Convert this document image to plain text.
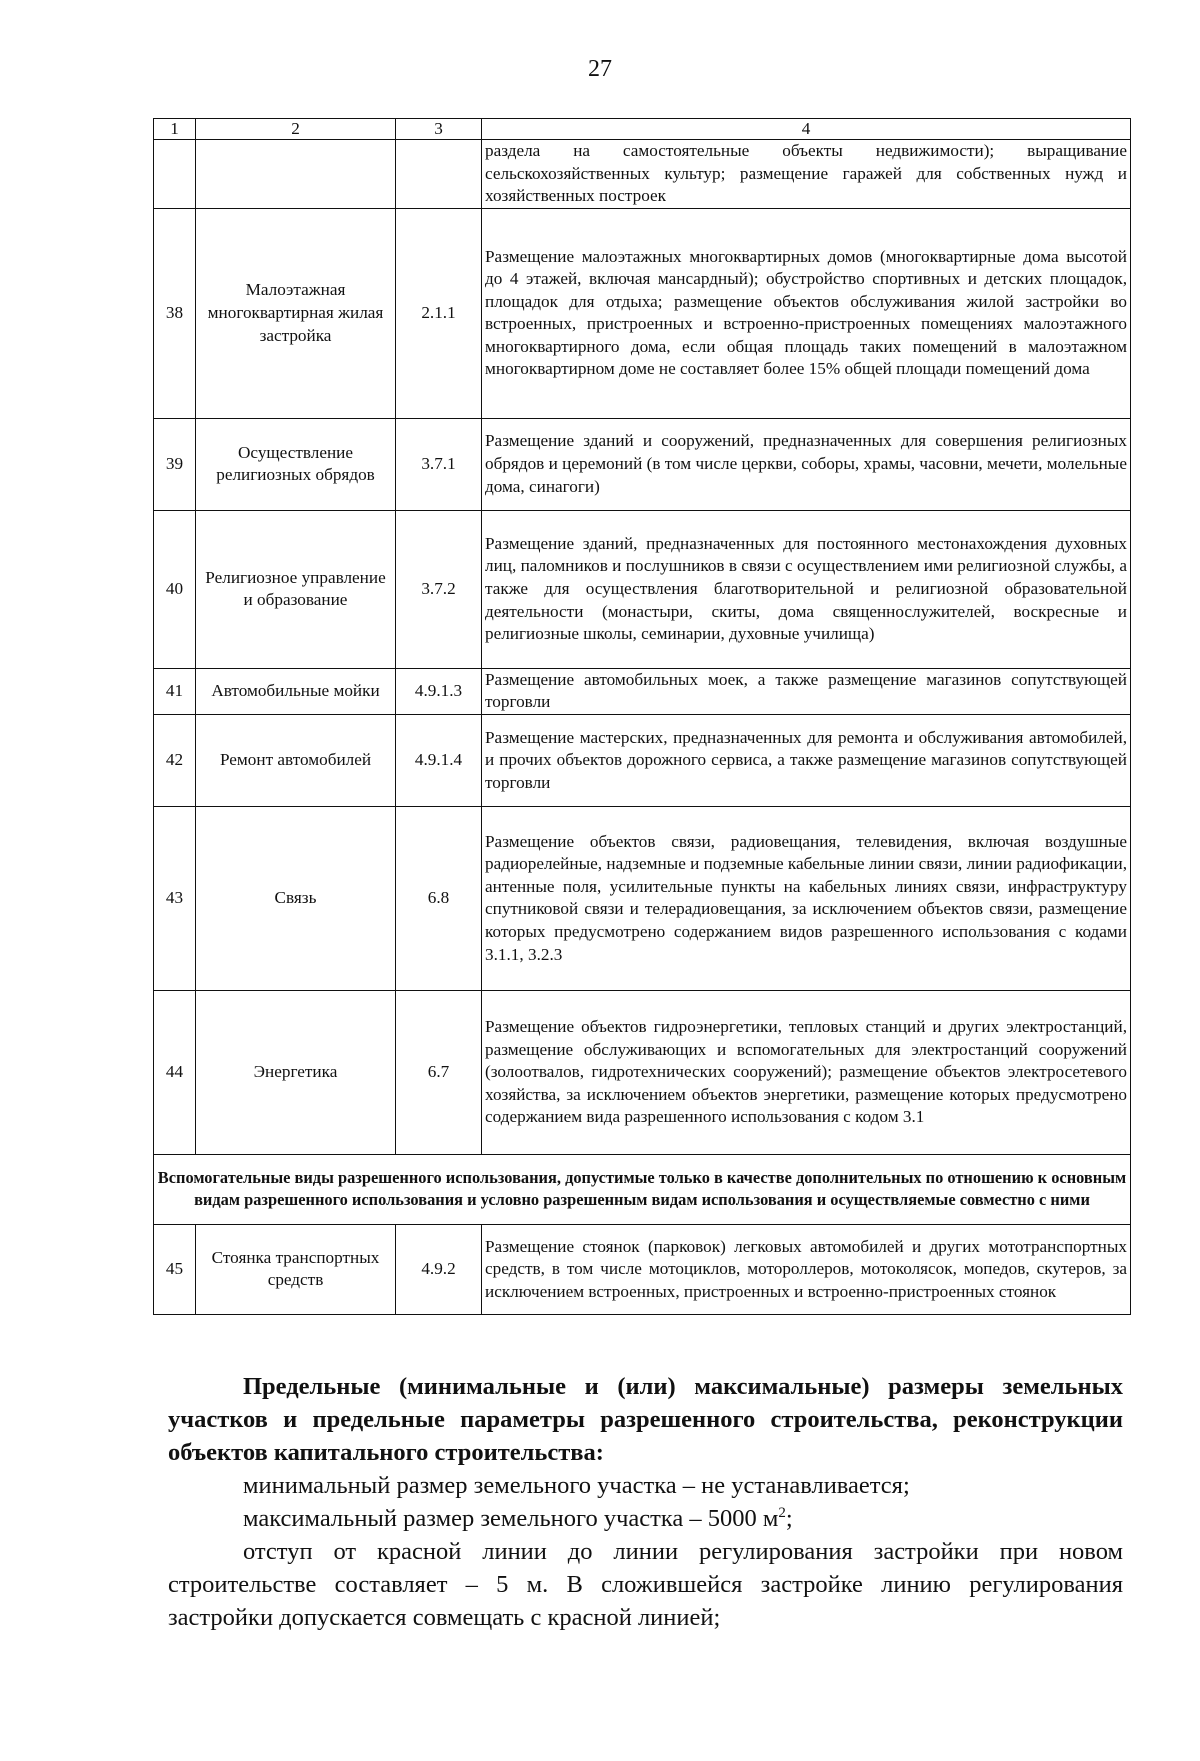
27
1	2	3	4
			раздела на самостоятельные объекты недвижимости); выращивание сельскохозяйственных культур; размещение гаражей для собственных нужд и хозяйственных построек
38	Малоэтажная многоквартирная жилая застройка	2.1.1	Размещение малоэтажных многоквартирных домов (многоквартирные дома высотой до 4 этажей, включая мансардный); обустройство спортивных и детских площадок, площадок для отдыха; размещение объектов обслуживания жилой застройки во встроенных, пристроенных и встроенно-пристроенных помещениях малоэтажного многоквартирного дома, если общая площадь таких помещений в малоэтажном многоквартирном доме не составляет более 15% общей площади помещений дома
39	Осуществление религиозных обрядов	3.7.1	Размещение зданий и сооружений, предназначенных для совершения религиозных обрядов и церемоний (в том числе церкви, соборы, храмы, часовни, мечети, молельные дома, синагоги)
40	Религиозное управление и образование	3.7.2	Размещение зданий, предназначенных для постоянного местонахождения духовных лиц, паломников и послушников в связи с осуществлением ими религиозной службы, а также для осуществления благотворительной и религиозной образовательной деятельности (монастыри, скиты, дома священнослужителей, воскресные и религиозные школы, семинарии, духовные училища)
41	Автомобильные мойки	4.9.1.3	Размещение автомобильных моек, а также размещение магазинов сопутствующей торговли
42	Ремонт автомобилей	4.9.1.4	Размещение мастерских, предназначенных для ремонта и обслуживания автомобилей, и прочих объектов дорожного сервиса, а также размещение магазинов сопутствующей торговли
43	Связь	6.8	Размещение объектов связи, радиовещания, телевидения, включая воздушные радиорелейные, надземные и подземные кабельные линии связи, линии радиофикации, антенные поля, усилительные пункты на кабельных линиях связи, инфраструктуру спутниковой связи и телерадиовещания, за исключением объектов связи, размещение которых предусмотрено содержанием видов разрешенного использования с кодами 3.1.1, 3.2.3
44	Энергетика	6.7	Размещение объектов гидроэнергетики, тепловых станций и других электростанций, размещение обслуживающих и вспомогательных для электростанций сооружений (золоотвалов, гидротехнических сооружений); размещение объектов электросетевого хозяйства, за исключением объектов энергетики, размещение которых предусмотрено содержанием вида разрешенного использования с кодом 3.1

Вспомогательные виды разрешенного использования, допустимые только в качестве дополнительных по отношению к основным видам разрешенного использования и условно разрешенным видам использования и осуществляемые совместно с ними			

45	Стоянка транспортных средств	4.9.2	Размещение стоянок (парковок) легковых автомобилей и других мототранспортных средств, в том числе мотоциклов, мотороллеров, мотоколясок, мопедов, скутеров, за исключением встроенных, пристроенных и встроенно-пристроенных стоянок

Предельные (минимальные и (или) максимальные) размеры земельных участков и предельные параметры разрешенного строительства, реконструкции объектов капитального строительства:

минимальный размер земельного участка – не устанавливается;

максимальный размер земельного участка – 5000 $м^2$;

отступ от красной линии до линии регулирования застройки при новом строительстве составляет – 5 м. В сложившейся застройке линию регулирования застройки допускается совмещать с красной линией;
